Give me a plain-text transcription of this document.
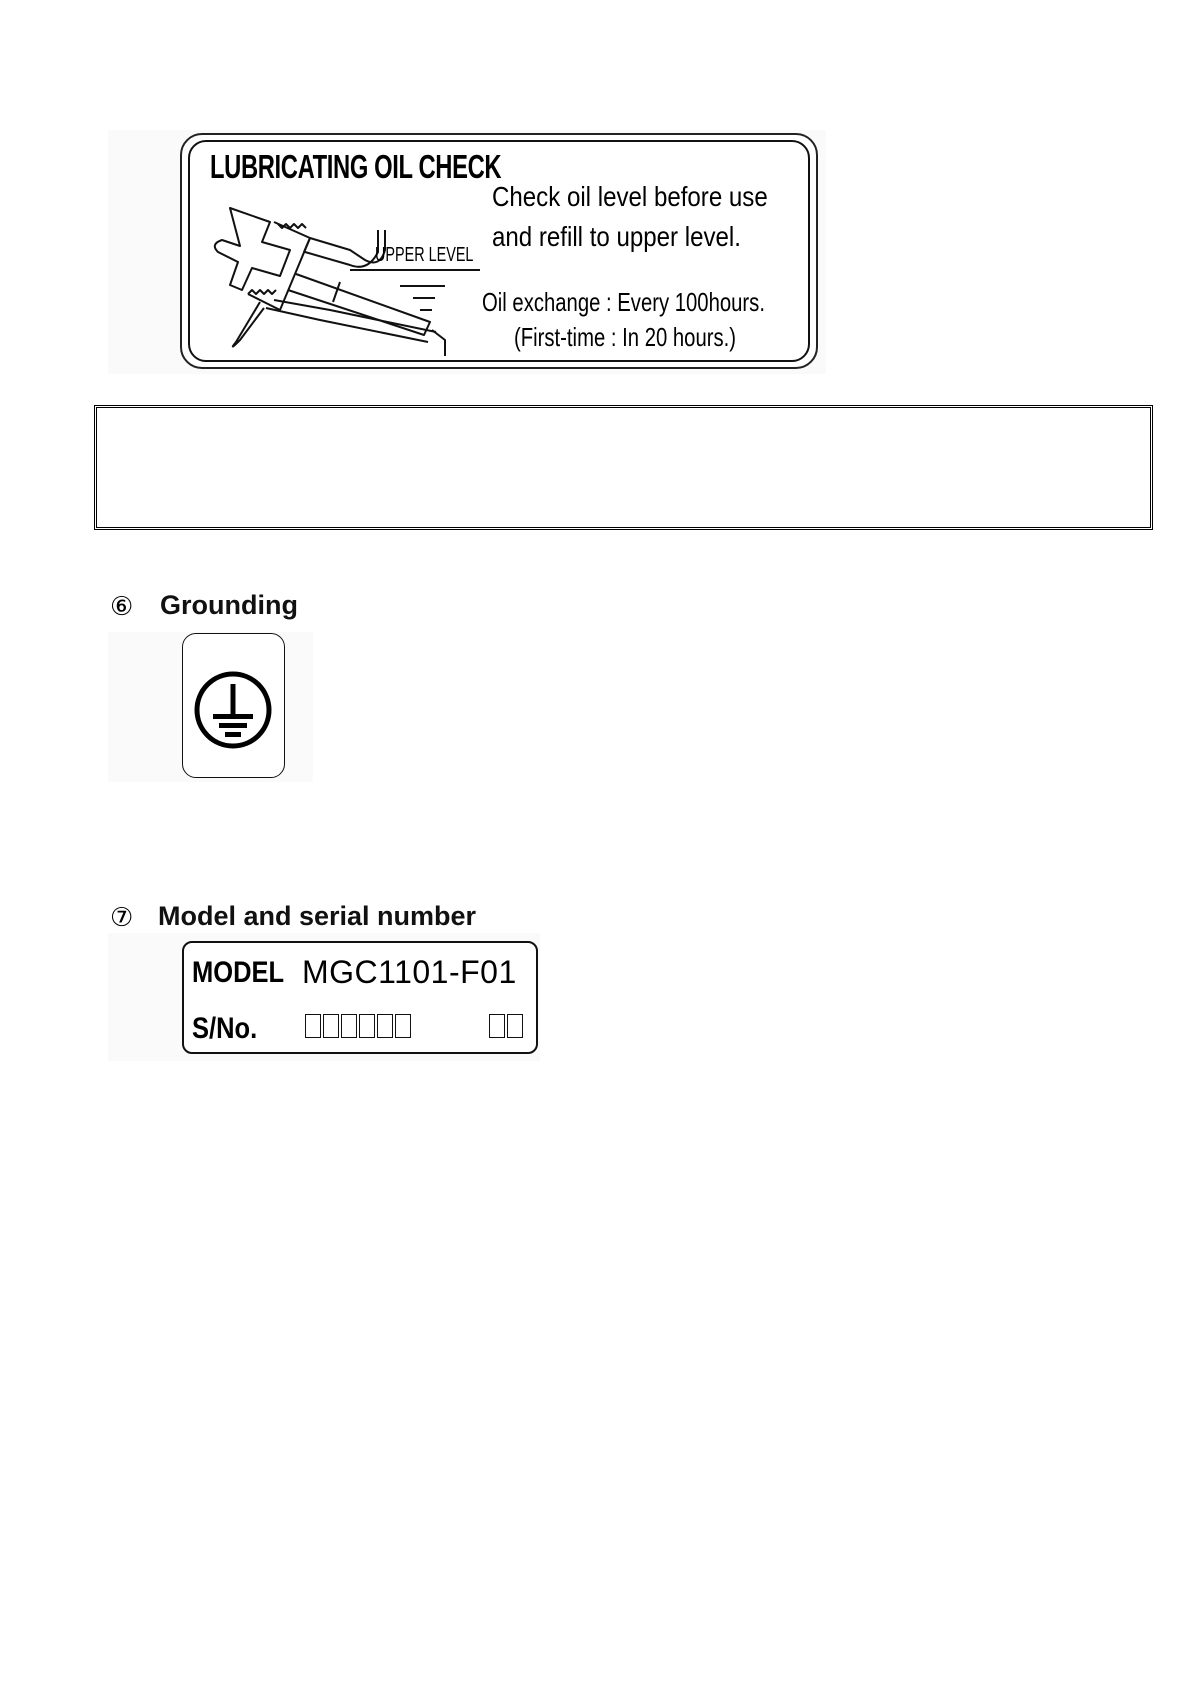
LUBRICATING OIL CHECK
UPPER LEVEL
Check oil level before use
and refill to upper level.
Oil exchange : Every 100hours.
(First-time : In 20 hours.)
⑥ Grounding
⑦ Model and serial number
MODEL MGC1101-F01
S/No.
